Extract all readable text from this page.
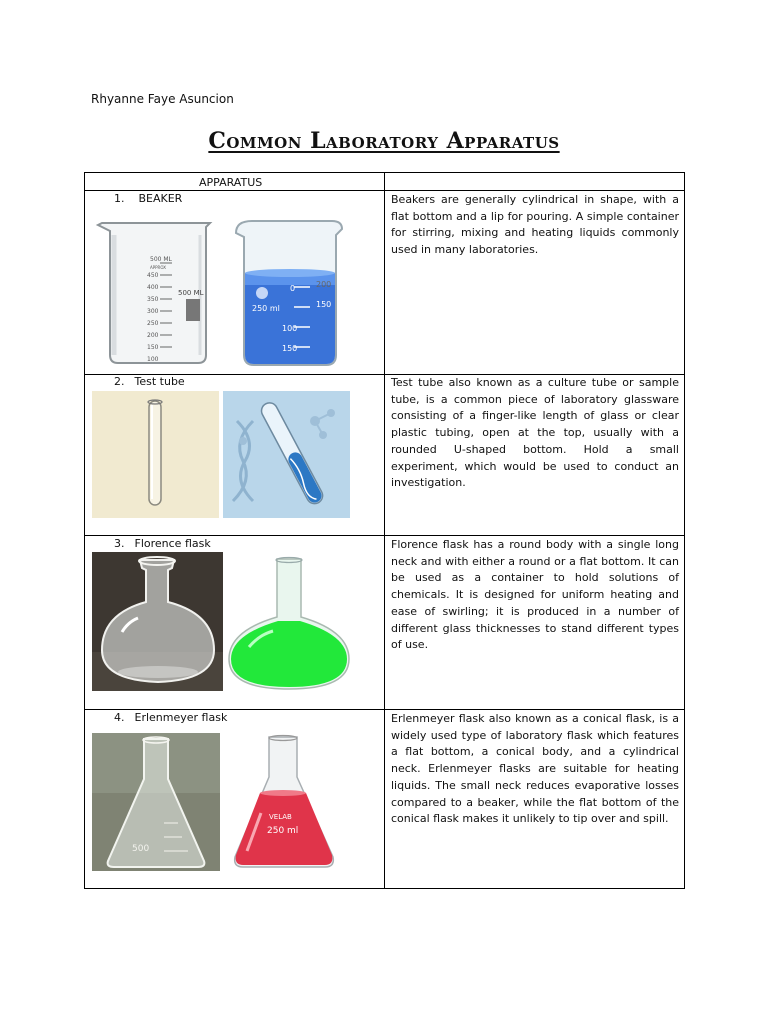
Rhyanne Faye Asuncion
Common Laboratory Apparatus
APPARATUS
1. BEAKER
2. Test tube
3. Florence flask
4. Erlenmeyer flask
Beakers are generally cylindrical in shape, with a flat bottom and a lip for pouring. A simple container for stirring, mixing and heating liquids commonly used in many laboratories.
Test tube also known as a culture tube or sample tube, is a common piece of laboratory glassware consisting of a finger-like length of glass or clear plastic tubing, open at the top, usually with a rounded U-shaped bottom. Hold a small experiment, which would be used to conduct an investigation.
Florence flask has a round body with a single long neck and with either a round or a flat bottom. It can be used as a container to hold solutions of chemicals. It is designed for uniform heating and ease of swirling; it is produced in a number of different glass thicknesses to stand different types of use.
Erlenmeyer flask also known as a conical flask, is a widely used type of laboratory flask which features a flat bottom, a conical body, and a cylindrical neck. Erlenmeyer flasks are suitable for heating liquids. The small neck reduces evaporative losses compared to a beaker, while the flat bottom of the conical flask makes it unlikely to tip over and spill.
500 ML
APPROX
450
400
350
300
250
200
150
100
500 ML
200
250 ml
0
150
100
150
500
VELAB
250 ml
